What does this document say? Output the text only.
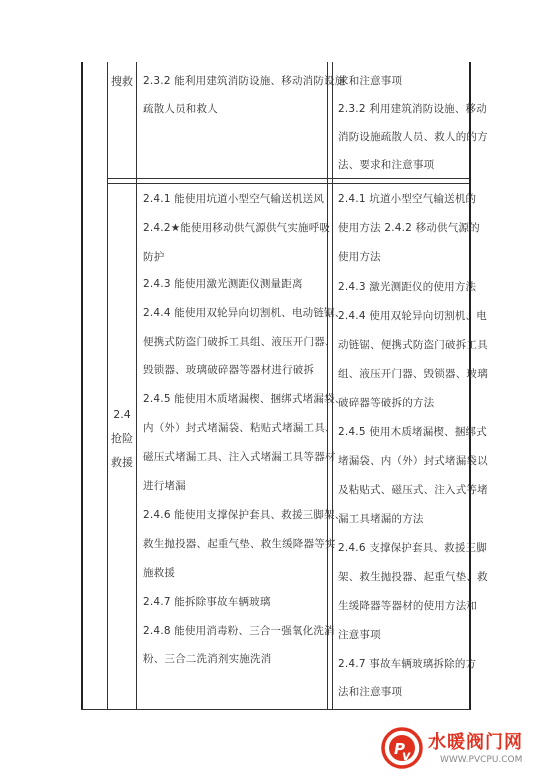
搜救 2.3.2 能利用建筑消防设施、移动消防设施
疏散人员和救人
求和注意事项
2.3.2 利用建筑消防设施、移动
消防设施疏散人员、救人的的方
法、要求和注意事项
2.4
抢险
救援
2.4.1 能使用坑道小型空气输送机送风
2.4.2★能使用移动供气源供气实施呼吸
防护
2.4.3 能使用激光测距仪测量距离
2.4.4 能使用双轮异向切割机、电动链锯、
便携式防盗门破拆工具组、液压开门器、
毁锁器、玻璃破碎器等器材进行破拆
2.4.5 能使用木质堵漏楔、捆绑式堵漏袋、
内（外）封式堵漏袋、粘贴式堵漏工具、
磁压式堵漏工具、注入式堵漏工具等器材
进行堵漏
2.4.6 能使用支撑保护套具、救援三脚架、
救生抛投器、起重气垫、救生缓降器等实
施救援
2.4.7 能拆除事故车辆玻璃
2.4.8 能使用消毒粉、三合一强氧化洗消
粉、三合二洗消剂实施洗消
2.4.1 坑道小型空气输送机的
使用方法 2.4.2 移动供气源的
使用方法
2.4.3 激光测距仪的使用方法
2.4.4 使用双轮异向切割机、电
动链锯、便携式防盗门破拆工具
组、液压开门器、毁锁器、玻璃
破碎器等破拆的方法
2.4.5 使用木质堵漏楔、捆绑式
堵漏袋、内（外）封式堵漏袋以
及粘贴式、磁压式、注入式等堵
漏工具堵漏的方法
2.4.6 支撑保护套具、救援三脚
架、救生抛投器、起重气垫、救
生缓降器等器材的使用方法和
注意事项
2.4.7 事故车辆玻璃拆除的方
法和注意事项
P
v
水暖阀门网
WWW.PVCPU.COM
